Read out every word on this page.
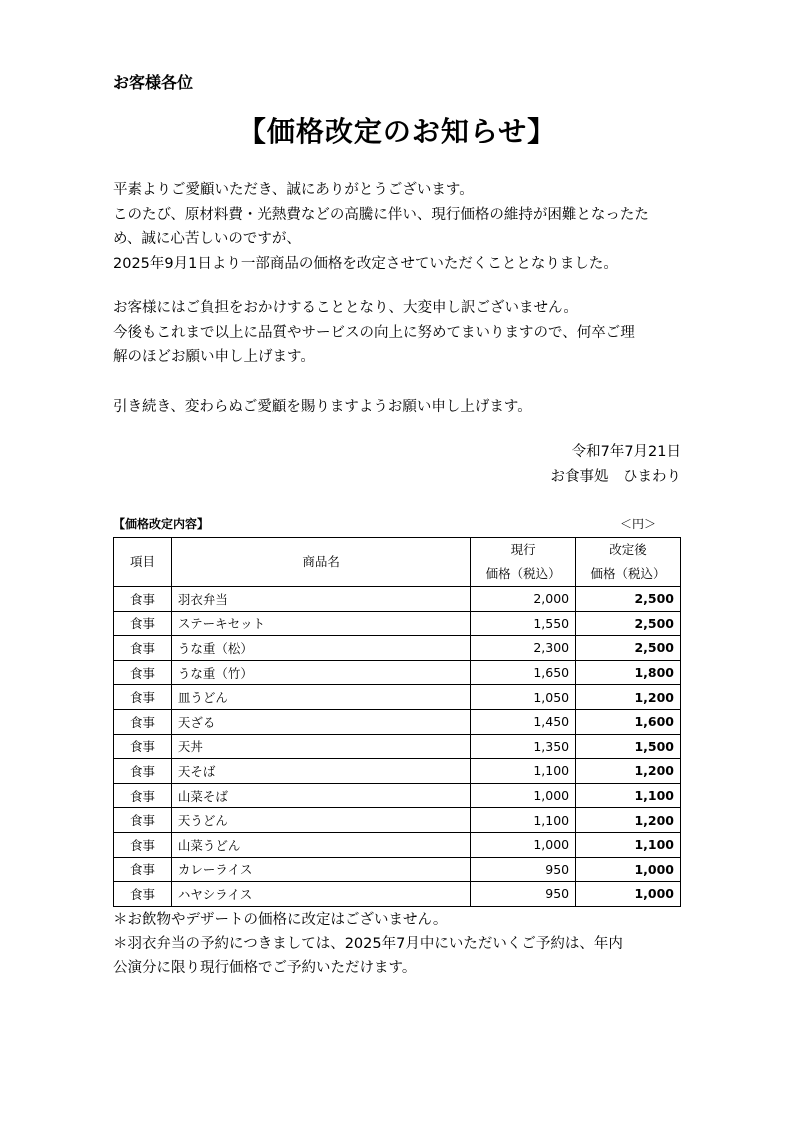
お客様各位
【価格改定のお知らせ】

平素よりご愛顧いただき、誠にありがとうございます。

このたび、原材料費・光熱費などの高騰に伴い、現行価格の維持が困難となったた

め、誠に心苦しいのですが、

2025年9月1日より一部商品の価格を改定させていただくこととなりました。

お客様にはご負担をおかけすることとなり、大変申し訳ございません。

今後もこれまで以上に品質やサービスの向上に努めてまいりますので、何卒ご理

解のほどお願い申し上げます。

引き続き、変わらぬご愛顧を賜りますようお願い申し上げます。

令和7年7月21日
お食事処　ひまわり
【価格改定内容】	＜円＞
項目	商品名	現行	改定後
		価格（税込）	価格（税込）
食事	羽衣弁当	2,000	2,500
食事	ステーキセット	1,550	2,500
食事	うな重（松）	2,300	2,500
食事	うな重（竹）	1,650	1,800
食事	皿うどん	1,050	1,200
食事	天ざる	1,450	1,600
食事	天丼	1,350	1,500
食事	天そば	1,100	1,200
食事	山菜そば	1,000	1,100
食事	天うどん	1,100	1,200
食事	山菜うどん	1,000	1,100
食事	カレーライス	950	1,000
食事	ハヤシライス	950	1,000

＊お飲物やデザートの価格に改定はございません。

＊羽衣弁当の予約につきましては、2025年7月中にいただいくご予約は、年内

公演分に限り現行価格でご予約いただけます。
